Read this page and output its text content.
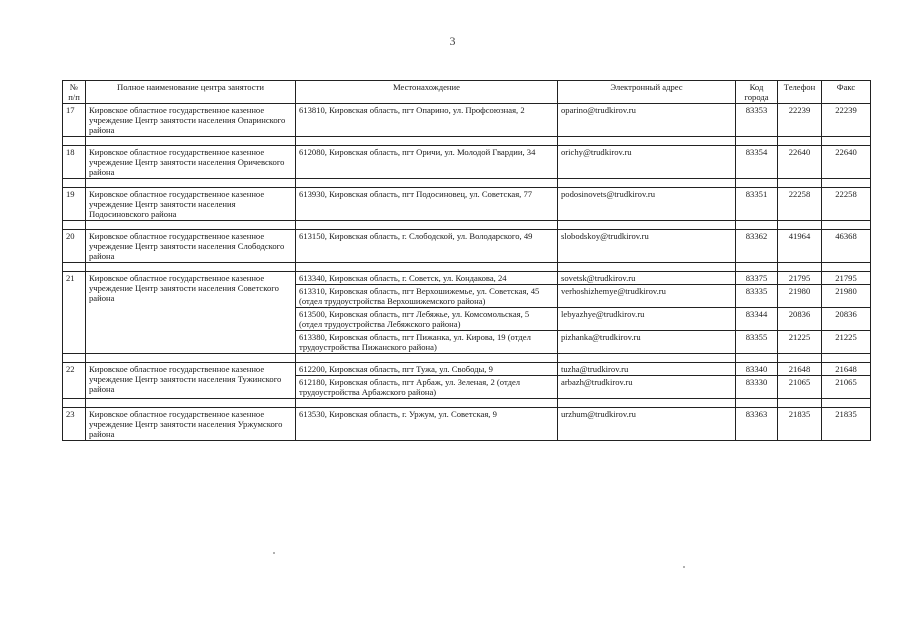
3
№ п/п	Полное наименование центра занятости	Местонахождение	Электронный адрес	Код города	Телефон	Факс
17	Кировское областное государственное казенное учреждение Центр занятости населения Опаринского района	613810, Кировская область, пгт Опарино, ул. Профсоюзная, 2	oparino@trudkirov.ru	83353	22239	22239

18	Кировское областное государственное казенное учреждение Центр занятости населения Оричевского района	612080, Кировская область, пгт Оричи, ул. Молодой Гвардии, 34	orichy@trudkirov.ru	83354	22640	22640

19	Кировское областное государственное казенное учреждение Центр занятости населения Подосиновского района	613930, Кировская область, пгт Подосиновец, ул. Советская, 77	podosinovets@trudkirov.ru	83351	22258	22258

20	Кировское областное государственное казенное учреждение Центр занятости населения Слободского района	613150, Кировская область, г. Слободской, ул. Володарского, 49	slobodskoy@trudkirov.ru	83362	41964	46368

21	Кировское областное государственное казенное учреждение Центр занятости населения Советского района	613340, Кировская область, г. Советск, ул. Кондакова, 24	sovetsk@trudkirov.ru	83375	21795	21795
		613310, Кировская область, пгт Верхошижемье, ул. Советская, 45 (отдел трудоустройства Верхошижемского района)	verhoshizhemye@trudkirov.ru	83335	21980	21980
		613500, Кировская область, пгт Лебяжье, ул. Комсомольская, 5 (отдел трудоустройства Лебяжского района)	lebyazhye@trudkirov.ru	83344	20836	20836
		613380, Кировская область, пгт Пижанка, ул. Кирова, 19 (отдел трудоустройства Пижанского района)	pizhanka@trudkirov.ru	83355	21225	21225

22	Кировское областное государственное казенное учреждение Центр занятости населения Тужинского района	612200, Кировская область, пгт Тужа, ул. Свободы, 9	tuzha@trudkirov.ru	83340	21648	21648
		612180, Кировская область, пгт Арбаж, ул. Зеленая, 2 (отдел трудоустройства Арбажского района)	arbazh@trudkirov.ru	83330	21065	21065

23	Кировское областное государственное казенное учреждение Центр занятости населения Уржумского района	613530, Кировская область, г. Уржум, ул. Советская, 9	urzhum@trudkirov.ru	83363	21835	21835
